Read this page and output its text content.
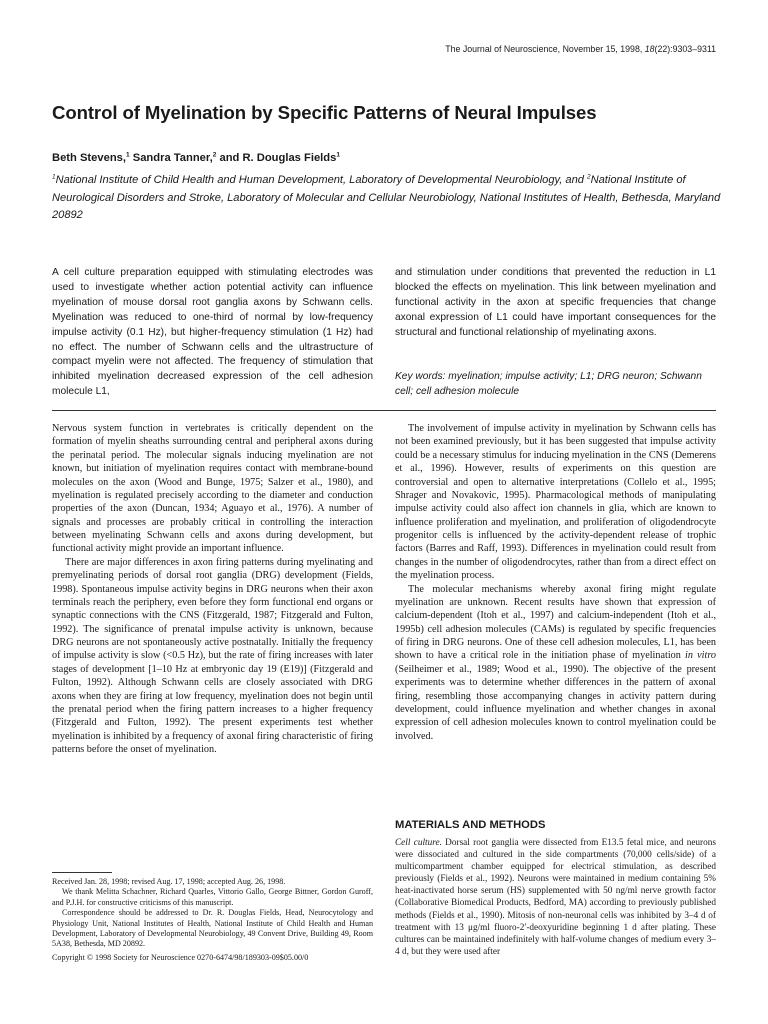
The Journal of Neuroscience, November 15, 1998, 18(22):9303–9311
Control of Myelination by Specific Patterns of Neural Impulses
Beth Stevens,$^1$ Sandra Tanner,$^2$ and R. Douglas Fields$^1$
$^1$National Institute of Child Health and Human Development, Laboratory of Developmental Neurobiology, and $^2$National Institute of Neurological Disorders and Stroke, Laboratory of Molecular and Cellular Neurobiology, National Institutes of Health, Bethesda, Maryland 20892
A cell culture preparation equipped with stimulating electrodes was used to investigate whether action potential activity can influence myelination of mouse dorsal root ganglia axons by Schwann cells. Myelination was reduced to one-third of normal by low-frequency impulse activity (0.1 Hz), but higher-frequency stimulation (1 Hz) had no effect. The number of Schwann cells and the ultrastructure of compact myelin were not affected. The frequency of stimulation that inhibited myelination decreased expression of the cell adhesion molecule L1,
and stimulation under conditions that prevented the reduction in L1 blocked the effects on myelination. This link between myelination and functional activity in the axon at specific frequencies that change axonal expression of L1 could have important consequences for the structural and functional relationship of myelinating axons.
Key words: myelination; impulse activity; L1; DRG neuron; Schwann cell; cell adhesion molecule

Nervous system function in vertebrates is critically dependent on the formation of myelin sheaths surrounding central and peripheral axons during the perinatal period. The molecular signals inducing myelination are not known, but initiation of myelination requires contact with membrane-bound molecules on the axon (Wood and Bunge, 1975; Salzer et al., 1980), and myelination is regulated precisely according to the diameter and conduction properties of the axon (Duncan, 1934; Aguayo et al., 1976). A number of signals and processes are probably critical in controlling the interaction between myelinating Schwann cells and axons during development, but functional activity might provide an important influence.

There are major differences in axon firing patterns during myelinating and premyelinating periods of dorsal root ganglia (DRG) development (Fields, 1998). Spontaneous impulse activity begins in DRG neurons when their axon terminals reach the periphery, even before they form functional end organs or synaptic connections with the CNS (Fitzgerald, 1987; Fitzgerald and Fulton, 1992). The significance of prenatal impulse activity is unknown, because DRG neurons are not spontaneously active postnatally. Initially the frequency of impulse activity is slow (<0.5 Hz), but the rate of firing increases with later stages of development [1–10 Hz at embryonic day 19 (E19)] (Fitzgerald and Fulton, 1992). Although Schwann cells are closely associated with DRG axons when they are firing at low frequency, myelination does not begin until the prenatal period when the firing pattern increases to a higher frequency (Fitzgerald and Fulton, 1992). The present experiments test whether myelination is inhibited by a frequency of axonal firing characteristic of firing patterns before the onset of myelination.

The involvement of impulse activity in myelination by Schwann cells has not been examined previously, but it has been suggested that impulse activity could be a necessary stimulus for inducing myelination in the CNS (Demerens et al., 1996). However, results of experiments on this question are controversial and open to alternative interpretations (Collelo et al., 1995; Shrager and Novakovic, 1995). Pharmacological methods of manipulating impulse activity could also affect ion channels in glia, which are known to influence proliferation and myelination, and proliferation of oligodendrocyte progenitor cells is influenced by the activity-dependent release of trophic factors (Barres and Raff, 1993). Differences in myelination could result from changes in the number of oligodendrocytes, rather than from a direct effect on the myelination process.

The molecular mechanisms whereby axonal firing might regulate myelination are unknown. Recent results have shown that expression of calcium-dependent (Itoh et al., 1997) and calcium-independent (Itoh et al., 1995b) cell adhesion molecules (CAMs) is regulated by specific frequencies of firing in DRG neurons. One of these cell adhesion molecules, L1, has been shown to have a critical role in the initiation phase of myelination in vitro (Seilheimer et al., 1989; Wood et al., 1990). The objective of the present experiments was to determine whether differences in the pattern of axonal firing, resembling those accompanying changes in activity pattern during development, could influence myelination and whether changes in axonal expression of cell adhesion molecules known to control myelination could be involved.

MATERIALS AND METHODS

Cell culture. Dorsal root ganglia were dissected from E13.5 fetal mice, and neurons were dissociated and cultured in the side compartments (70,000 cells/side) of a multicompartment chamber equipped for electrical stimulation, as described previously (Fields et al., 1992). Neurons were maintained in medium containing 5% heat-inactivated horse serum (HS) supplemented with 50 ng/ml nerve growth factor (Collaborative Biomedical Products, Bedford, MA) according to previously published methods (Fields et al., 1990). Mitosis of non-neuronal cells was inhibited by 3–4 d of treatment with 13 μg/ml fluoro-2′-deoxyuridine beginning 1 d after plating. These cultures can be maintained indefinitely with half-volume changes of medium every 3–4 d, but they were used after

Received Jan. 28, 1998; revised Aug. 17, 1998; accepted Aug. 26, 1998.

We thank Melitta Schachner, Richard Quarles, Vittorio Gallo, George Bittner, Gordon Guroff, and P.J.H. for constructive criticisms of this manuscript.

Correspondence should be addressed to Dr. R. Douglas Fields, Head, Neurocytology and Physiology Unit, National Institutes of Health, National Institute of Child Health and Human Development, Laboratory of Developmental Neurobiology, 49 Convent Drive, Building 49, Room 5A38, Bethesda, MD 20892.

Copyright © 1998 Society for Neuroscience 0270-6474/98/189303-09$05.00/0
